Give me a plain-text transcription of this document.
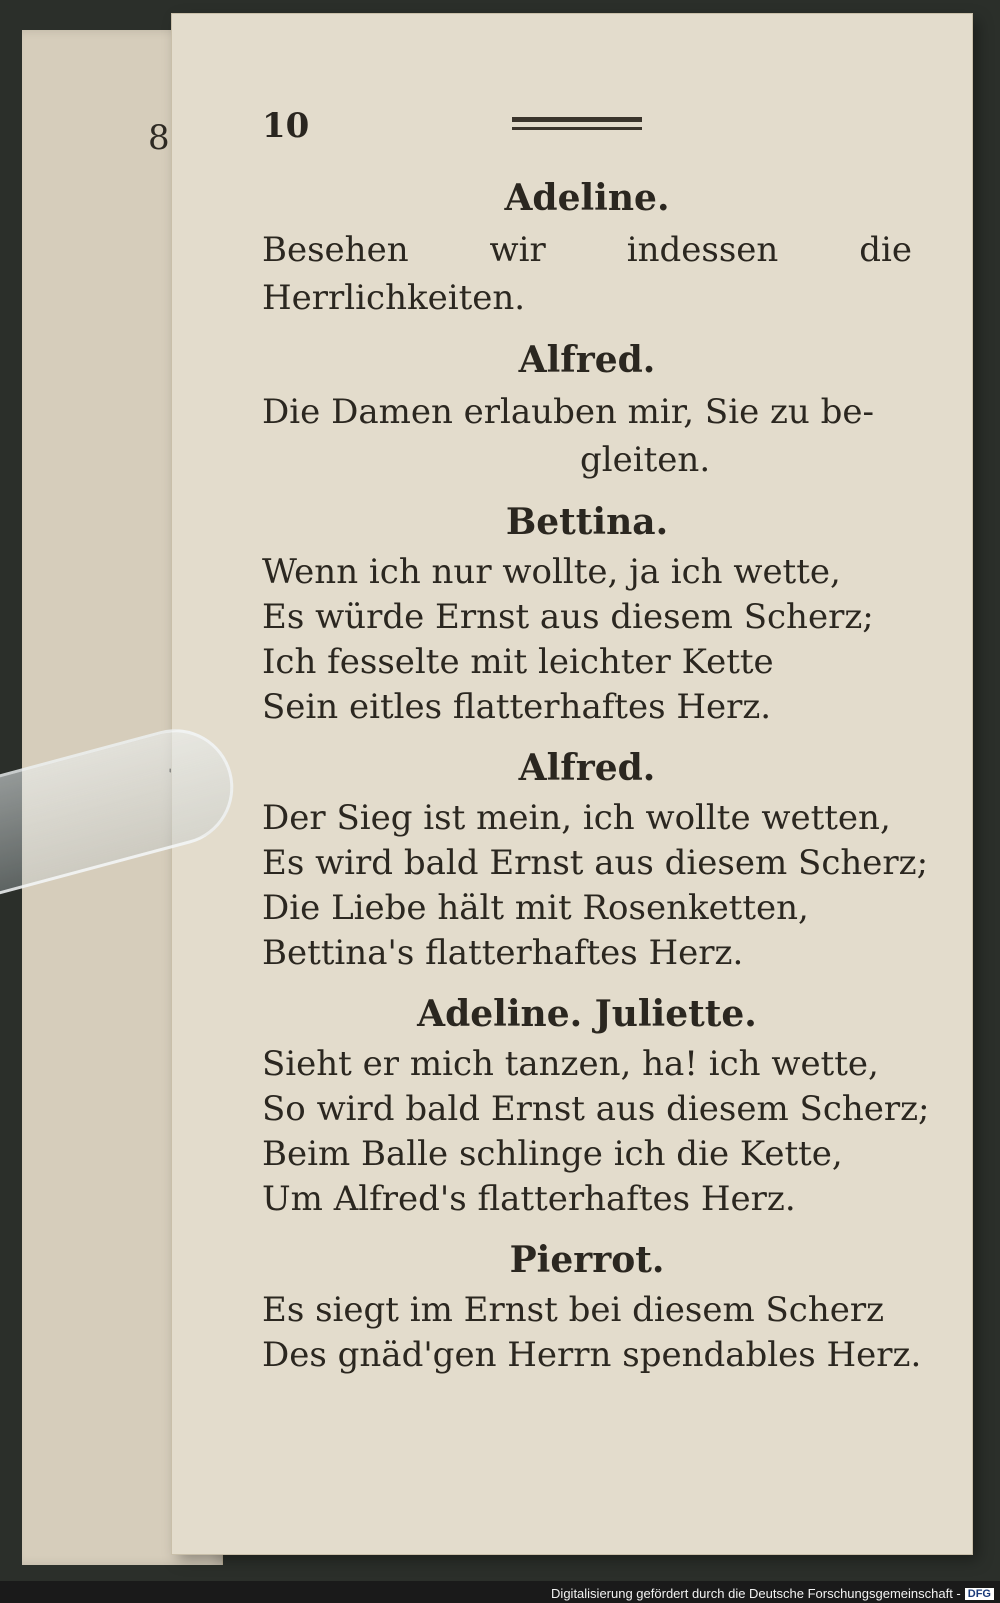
8	10

Adeline.

Besehen wir indessen die Herrlichkeiten.

Alfred.

Die Damen erlauben mir, Sie zu be-

gleiten.

Bettina.

Wenn ich nur wollte, ja ich wette,

Es würde Ernst aus diesem Scherz;

Ich fesselte mit leichter Kette

Sein eitles flatterhaftes Herz.

Alfred.

Der Sieg ist mein, ich wollte wetten,

Es wird bald Ernst aus diesem Scherz;

Die Liebe hält mit Rosenketten,

Bettina's flatterhaftes Herz.

Adeline. Juliette.

Sieht er mich tanzen, ha! ich wette,

So wird bald Ernst aus diesem Scherz;

Beim Balle schlinge ich die Kette,

Um Alfred's flatterhaftes Herz.

Pierrot.

Es siegt im Ernst bei diesem Scherz

Des gnäd'gen Herrn spendables Herz.

Digitalisierung gefördert durch die Deutsche Forschungsgemeinschaft - DFG
